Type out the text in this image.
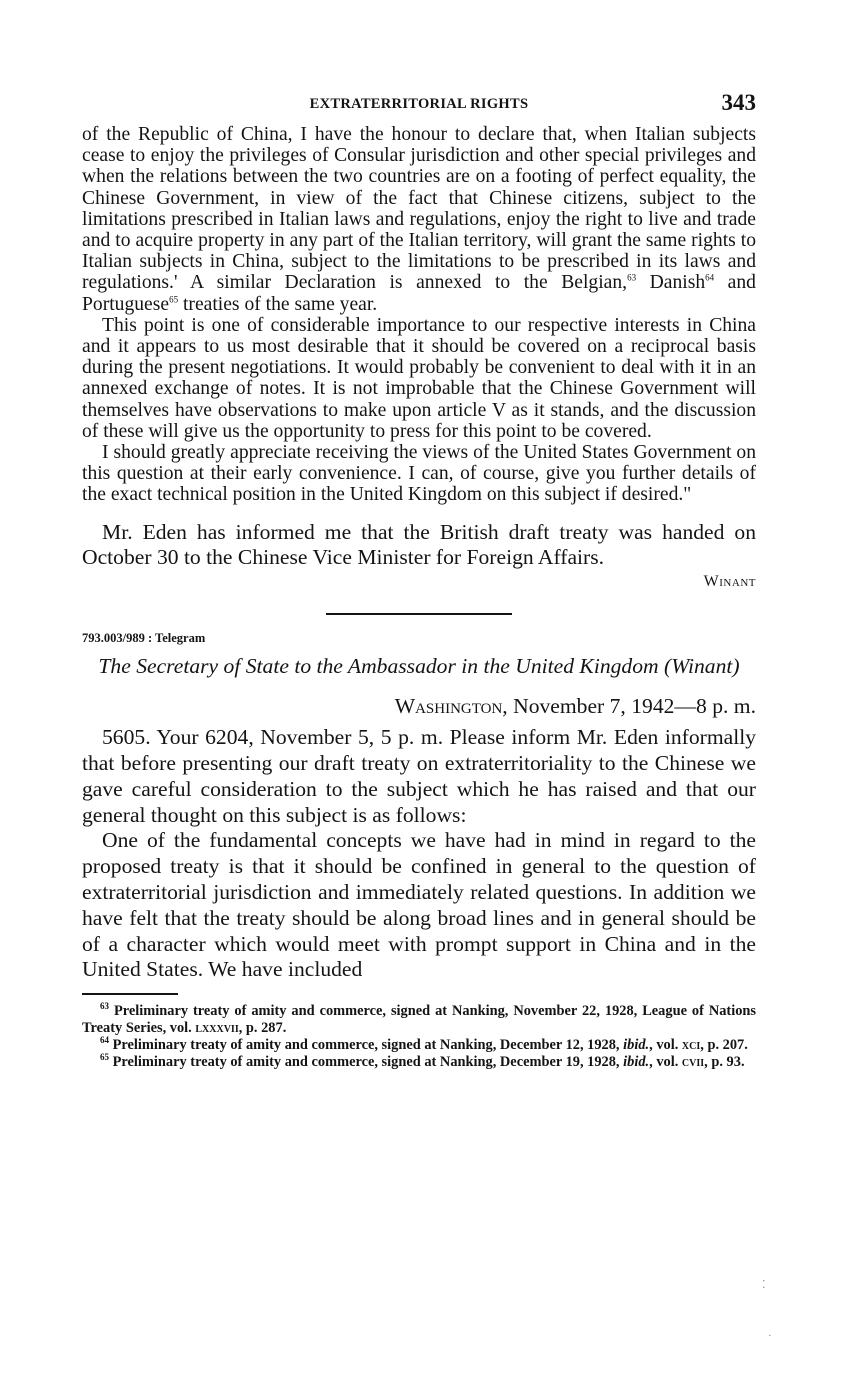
EXTRATERRITORIAL RIGHTS	343

of the Republic of China, I have the honour to declare that, when Italian subjects cease to enjoy the privileges of Consular jurisdiction and other special privileges and when the relations between the two countries are on a footing of perfect equality, the Chinese Government, in view of the fact that Chinese citizens, subject to the limitations prescribed in Italian laws and regulations, enjoy the right to live and trade and to acquire property in any part of the Italian territory, will grant the same rights to Italian subjects in China, subject to the limitations to be prescribed in its laws and regulations.' A similar Declaration is annexed to the Belgian,$^{63}$ Danish$^{64}$ and Portuguese$^{65}$ treaties of the same year.

This point is one of considerable importance to our respective interests in China and it appears to us most desirable that it should be covered on a reciprocal basis during the present negotiations. It would probably be convenient to deal with it in an annexed exchange of notes. It is not improbable that the Chinese Government will themselves have observations to make upon article V as it stands, and the discussion of these will give us the opportunity to press for this point to be covered.

I should greatly appreciate receiving the views of the United States Government on this question at their early convenience. I can, of course, give you further details of the exact technical position in the United Kingdom on this subject if desired."

Mr. Eden has informed me that the British draft treaty was handed on October 30 to the Chinese Vice Minister for Foreign Affairs.

Winant
793.003/989 : Telegram
The Secretary of State to the Ambassador in the United Kingdom (Winant)
Washington, November 7, 1942—8 p. m.

5605. Your 6204, November 5, 5 p. m. Please inform Mr. Eden informally that before presenting our draft treaty on extraterritoriality to the Chinese we gave careful consideration to the subject which he has raised and that our general thought on this subject is as follows:

One of the fundamental concepts we have had in mind in regard to the proposed treaty is that it should be confined in general to the question of extraterritorial jurisdiction and immediately related questions. In addition we have felt that the treaty should be along broad lines and in general should be of a character which would meet with prompt support in China and in the United States. We have included

$^{63}$ Preliminary treaty of amity and commerce, signed at Nanking, November 22, 1928, League of Nations Treaty Series, vol. lxxxvii, p. 287.

$^{64}$ Preliminary treaty of amity and commerce, signed at Nanking, December 12, 1928, ibid., vol. xci, p. 207.

$^{65}$ Preliminary treaty of amity and commerce, signed at Nanking, December 19, 1928, ibid., vol. cvii, p. 93.

⁚
·
